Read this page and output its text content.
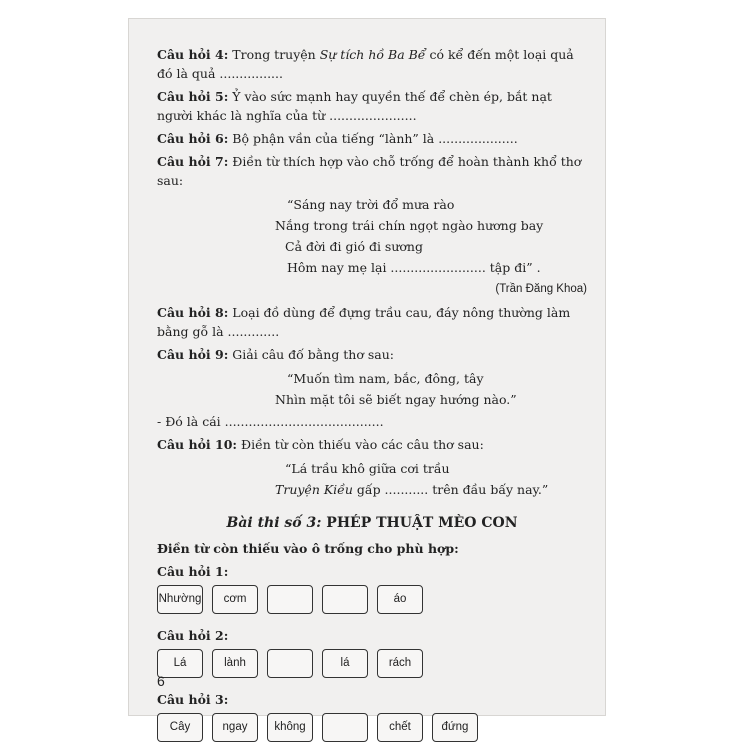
Câu hỏi 4: Trong truyện Sự tích hồ Ba Bể có kể đến một loại quả đó là quả ................

Câu hỏi 5: Ỷ vào sức mạnh hay quyền thế để chèn ép, bắt nạt người khác là nghĩa của từ ......................

Câu hỏi 6: Bộ phận vần của tiếng “lành” là ....................

Câu hỏi 7: Điền từ thích hợp vào chỗ trống để hoàn thành khổ thơ sau:

“Sáng nay trời đổ mưa rào
Nắng trong trái chín ngọt ngào hương bay
Cả đời đi gió đi sương
Hôm nay mẹ lại ........................ tập đi” .

(Trần Đăng Khoa)

Câu hỏi 8: Loại đồ dùng để đựng trầu cau, đáy nông thường làm bằng gỗ là .............

Câu hỏi 9: Giải câu đố bằng thơ sau:

“Muốn tìm nam, bắc, đông, tây
Nhìn mặt tôi sẽ biết ngay hướng nào.”

- Đó là cái ........................................

Câu hỏi 10: Điền từ còn thiếu vào các câu thơ sau:

“Lá trầu khô giữa cơi trầu
Truyện Kiều gấp ........... trên đầu bấy nay.”
Bài thi số 3: PHÉP THUẬT MÈO CON

Điền từ còn thiếu vào ô trống cho phù hợp:

Câu hỏi 1:

Nhường	cơm	áo

Câu hỏi 2:

Lá	lành	lá	rách

Câu hỏi 3:

Cây	ngay	không	chết	đứng
6
